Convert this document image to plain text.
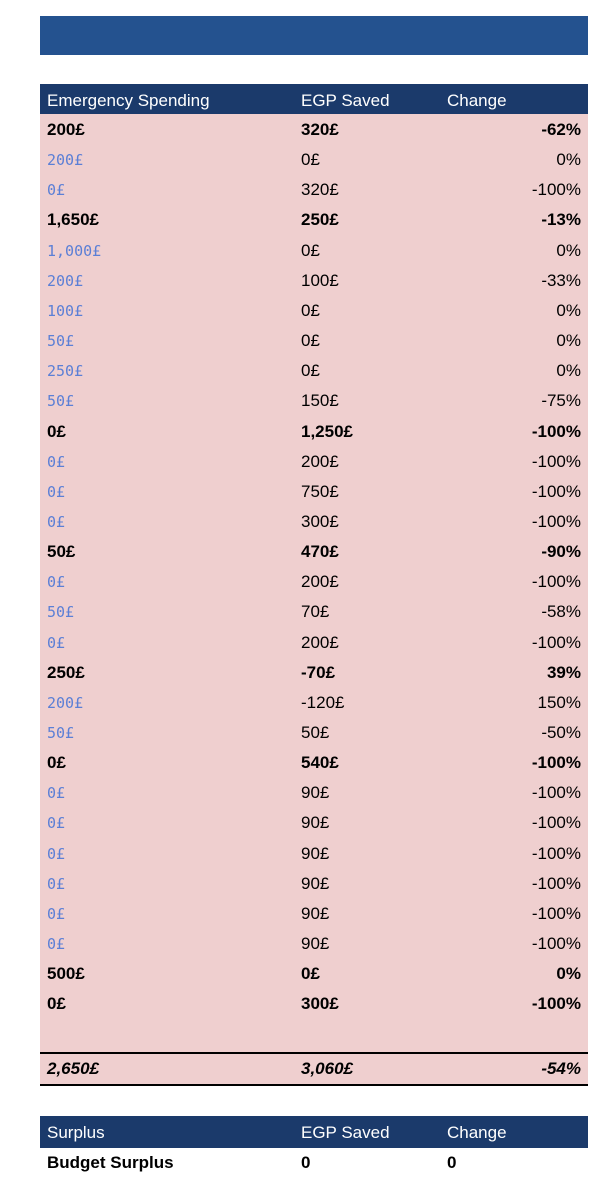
Emergency Spending	EGP Saved	Change
200£	320£	-62%
200£	0£	0%
0£	320£	-100%
1,650£	250£	-13%
1,000£	0£	0%
200£	100£	-33%
100£	0£	0%
50£	0£	0%
250£	0£	0%
50£	150£	-75%
0£	1,250£	-100%
0£	200£	-100%
0£	750£	-100%
0£	300£	-100%
50£	470£	-90%
0£	200£	-100%
50£	70£	-58%
0£	200£	-100%
250£	-70£	39%
200£	-120£	150%
50£	50£	-50%
0£	540£	-100%
0£	90£	-100%
0£	90£	-100%
0£	90£	-100%
0£	90£	-100%
0£	90£	-100%
0£	90£	-100%
500£	0£	0%
0£	300£	-100%
2,650£	3,060£	-54%
Surplus	EGP Saved	Change
Budget Surplus	0	0
